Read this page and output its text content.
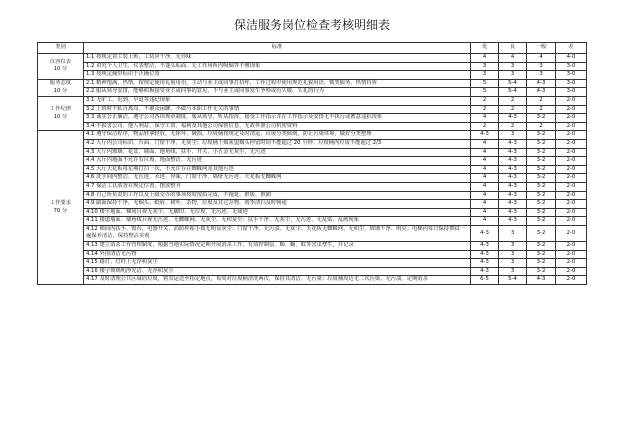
保洁服务岗位检查考核明细表
类别	标准	优	良	一般	差

仪容仪表
10 分	1.1 按规定着工装上班，工装应干净、无异味	4	4	4	4-0
	1.2 讲究个人卫生，仪表整洁，不蓬头垢面，无工作场所内吸烟等不雅现象	3	3	3	3-0
	1.3 按规定佩带标识于正确位置	3	3	3	3-0

服务态度
10 分	2.1 精神饱满、热情，按规定使用礼貌用语，主动与业主或同事打招呼，工作过程中使用规范礼貌用语，微笑服务，热情待客	5	5-4	4-3	3-0
	2.2 服从领导安排，能够积极接受业主或同事的意见，不与业主或同事发生争吵或有失敬、失礼的行为	5	5-4	4-3	3-0

工作纪律
10 分	3.1 无旷工、迟到、早退等违纪现象	2	2	2	2-0
	3.2 上班时不私自离岗、不聚众闲聊、不做与本职工作无关的事情	2	2	2	2-0
	3.3 诚实公正廉洁，遵守公司各项规章制度，服从领导，听从指挥，接受工作指示并在工作指示及安排无不执行或蓄意违抗现象	4	4-3	3-2	2-0
	3.4 不损害公司、他人利益，保守工资、福利及其他公司保密信息，无故外泄公司机密资料	2	2	2	2-0

工作要求
70 分	4.1 遵守保洁程序，物品轻拿轻放，无摔坏、破损，垃圾桶按规定及时清运，垃圾分类倾倒，防止污染环境，做好分类整理	4-3	3	3-2	2-0
	4.2 大厅内公司标识、台面、门窗干净、无灰尘；垃圾桶上烟灰盅烟头停留时间不能超过 20 分钟；垃圾桶内垃圾不能超过 2/3	4	4-3	3-2	2-0
	4.3 大厅内玻璃、花盆、墙面、地角线、扶手、开关、小五金无灰尘、无污迹	4	4-3	3-2	2-0
	4.4 大厅内地面不允许有垃圾，地面整洁、无污迹	4	4-3	3-2	2-0
	4.5 大厅天花板每星期打扫一次，不允许存在蜘蛛网及其他污迹	4	4-3	3-2	2-0
	4.6 洗手间内整洁、无污迹、水迹、异味，门窗干净、墙壁无污迹、天花板无蜘蛛网	4	4-3	3-2	2-0
	4.7 保洁工具放置在规定位置，摆放整齐	4	4-3	3-2	2-0
	4.8 自己所负责的工作以及上级交办的事项按时按质完成，不拖延、推脱、推卸	4	4-3	3-2	2-0
	4.9 路面保持干净，无烟头、纸屑、树叶、杂物，垃圾及其它杂物，雨季清扫及时畅通	4	4-3	3-2	2-0
	4.10 楼宇地面、梯间目视无灰尘、无脚印、无垃圾、无污迹、无痰迹	4	4-3	3-2	2-0
	4.11 楼道墙面、墙角线目视无污迹、无蜘蛛网、无灰尘、无积灰尘；扶手干净、无灰尘、无污迹、无乱贴、乱画现象	4	4-3	3-2	2-0
	4.12 梯间内扶手、窗台、电器开关、消防栓箱手摸无明显灰尘；门窗干净，无污渍、无灰尘、天花板无蜘蛛网、无积尘，玻璃干净、明亮；电梯内每日保持擦拭一遍保养清洁，保持整洁美观	4-3	3	3-2	2-0
	4.13 建立消杀工作管理制度，根据当地实际情况定期开展消杀工作，有效控制鼠、蟑、蝇、蚊等害虫孳生，并记录	4-3	3	3-2	2-0
	4.14 外围清洁无污物	4-3	3	3-2	2-0
	4.15 路灯、灯杆上无浮积灰尘	4-3	3	3-2	2-0
	4.16 楼宇玻璃明净光洁、无浮积灰尘	4-3	3	3-2	2-0
	4.17 及时清理公共区域的垃圾，将其运送至指定地点，每周对垃圾桶清洗两次，保持其清洁、无污染；垃圾桶周边无二次污染、无污渍、定期消杀	6-5	5-4	4-3	2-0
